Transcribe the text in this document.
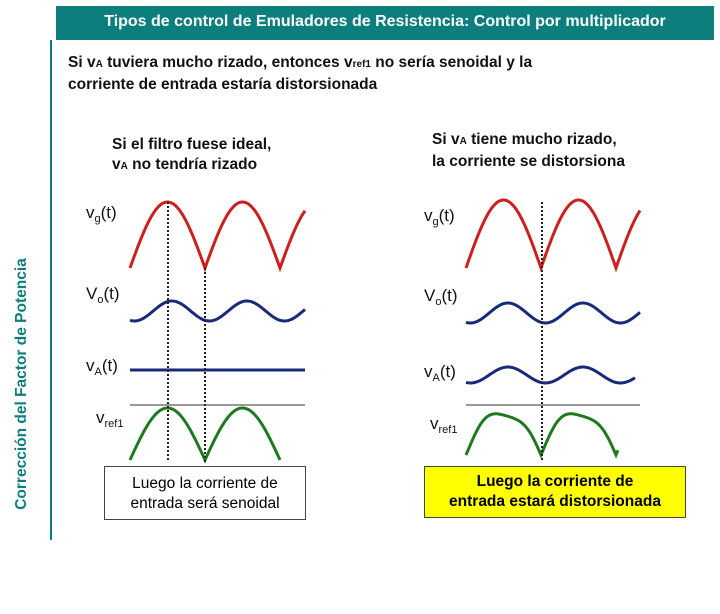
Tipos de control de Emuladores de Resistencia: Control por multiplicador
Corrección del Factor de Potencia
Si vA tuviera mucho rizado, entonces vref1 no sería senoidal y la
corriente de entrada estaría distorsionada
Si el filtro fuese ideal,
vA no tendría rizado
Si vA tiene mucho rizado,
la corriente se distorsiona
$v_g(t)$
$V_o(t)$
$v_A(t)$
$v_{ref1}$
$v_g(t)$
$V_o(t)$
$v_A(t)$
$v_{ref1}$
Luego la corriente de
entrada será senoidal
Luego la corriente de
entrada estará distorsionada
